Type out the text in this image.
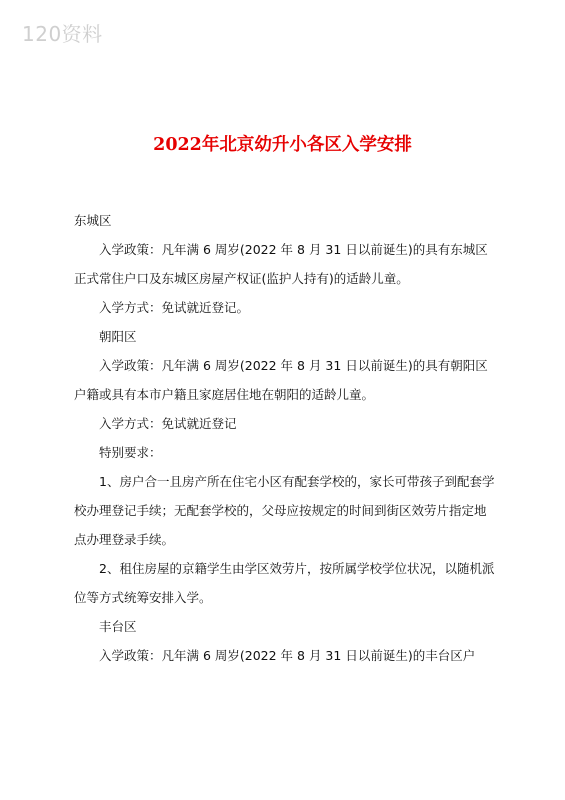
120资料
2022年北京幼升小各区入学安排

东城区

入学政策：凡年满 6 周岁(2022 年 8 月 31 日以前诞生)的具有东城区正式常住户口及东城区房屋产权证(监护人持有)的适龄儿童。

入学方式：免试就近登记。

朝阳区

入学政策：凡年满 6 周岁(2022 年 8 月 31 日以前诞生)的具有朝阳区户籍或具有本市户籍且家庭居住地在朝阳的适龄儿童。

入学方式：免试就近登记

特别要求：

1、房户合一且房产所在住宅小区有配套学校的，家长可带孩子到配套学校办理登记手续；无配套学校的，父母应按规定的时间到街区效劳片指定地点办理登录手续。

2、租住房屋的京籍学生由学区效劳片，按所属学校学位状况，以随机派位等方式统筹安排入学。

丰台区

入学政策：凡年满 6 周岁(2022 年 8 月 31 日以前诞生)的丰台区户
